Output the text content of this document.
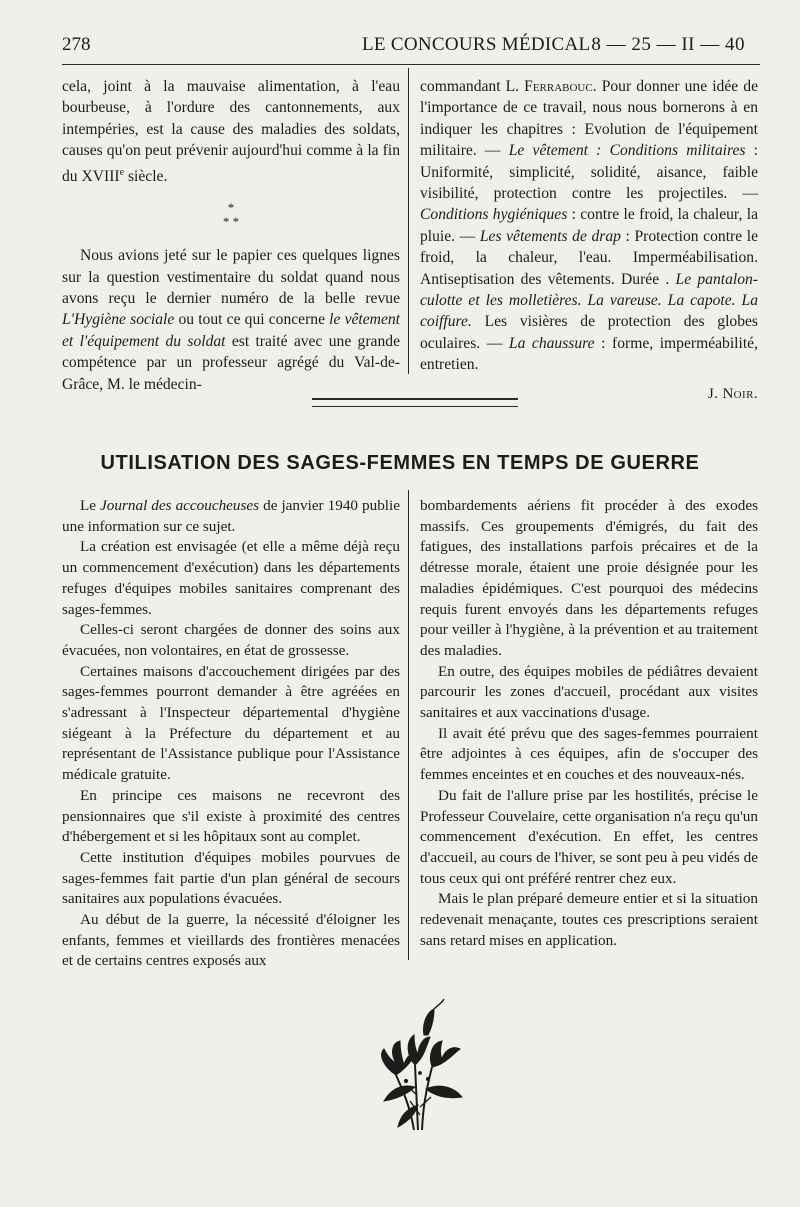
278	LE CONCOURS MÉDICAL 8 — 25 — II — 40

cela, joint à la mauvaise alimentation, à l'eau bourbeuse, à l'ordure des cantonnements, aux intempéries, est la cause des maladies des soldats, causes qu'on peut prévenir aujourd'hui comme à la fin du XVIIIe siècle.

*
* *

Nous avions jeté sur le papier ces quelques lignes sur la question vestimentaire du soldat quand nous avons reçu le dernier numéro de la belle revue L'Hygiène sociale ou tout ce qui concerne le vêtement et l'équipement du soldat est traité avec une grande compétence par un professeur agrégé du Val-de-Grâce, M. le médecin-

commandant L. Ferrabouc. Pour donner une idée de l'importance de ce travail, nous nous bornerons à en indiquer les chapitres : Evolution de l'équipement militaire. — Le vêtement : Conditions militaires : Uniformité, simplicité, solidité, aisance, faible visibilité, protection contre les projectiles. — Conditions hygiéniques : contre le froid, la chaleur, la pluie. — Les vêtements de drap : Protection contre le froid, la chaleur, l'eau. Imperméabilisation. Antiseptisation des vêtements. Durée . Le pantalon-culotte et les molletières. La vareuse. La capote. La coiffure. Les visières de protection des globes oculaires. — La chaussure : forme, imperméabilité, entretien.

J. Noir.

UTILISATION DES SAGES-FEMMES EN TEMPS DE GUERRE

Le Journal des accoucheuses de janvier 1940 publie une information sur ce sujet.

La création est envisagée (et elle a même déjà reçu un commencement d'exécution) dans les départements refuges d'équipes mobiles sanitaires comprenant des sages-femmes.

Celles-ci seront chargées de donner des soins aux évacuées, non volontaires, en état de grossesse.

Certaines maisons d'accouchement dirigées par des sages-femmes pourront demander à être agréées en s'adressant à l'Inspecteur départemental d'hygiène siégeant à la Préfecture du département et au représentant de l'Assistance publique pour l'Assistance médicale gratuite.

En principe ces maisons ne recevront des pensionnaires que s'il existe à proximité des centres d'hébergement et si les hôpitaux sont au complet.

Cette institution d'équipes mobiles pourvues de sages-femmes fait partie d'un plan général de secours sanitaires aux populations évacuées.

Au début de la guerre, la nécessité d'éloigner les enfants, femmes et vieillards des frontières menacées et de certains centres exposés aux

bombardements aériens fit procéder à des exodes massifs. Ces groupements d'émigrés, du fait des fatigues, des installations parfois précaires et de la détresse morale, étaient une proie désignée pour les maladies épidémiques. C'est pourquoi des médecins requis furent envoyés dans les départements refuges pour veiller à l'hygiène, à la prévention et au traitement des maladies.

En outre, des équipes mobiles de pédiâtres devaient parcourir les zones d'accueil, procédant aux visites sanitaires et aux vaccinations d'usage.

Il avait été prévu que des sages-femmes pourraient être adjointes à ces équipes, afin de s'occuper des femmes enceintes et en couches et des nouveaux-nés.

Du fait de l'allure prise par les hostilités, précise le Professeur Couvelaire, cette organisation n'a reçu qu'un commencement d'exécution. En effet, les centres d'accueil, au cours de l'hiver, se sont peu à peu vidés de tous ceux qui ont préféré rentrer chez eux.

Mais le plan préparé demeure entier et si la situation redevenait menaçante, toutes ces prescriptions seraient sans retard mises en application.
